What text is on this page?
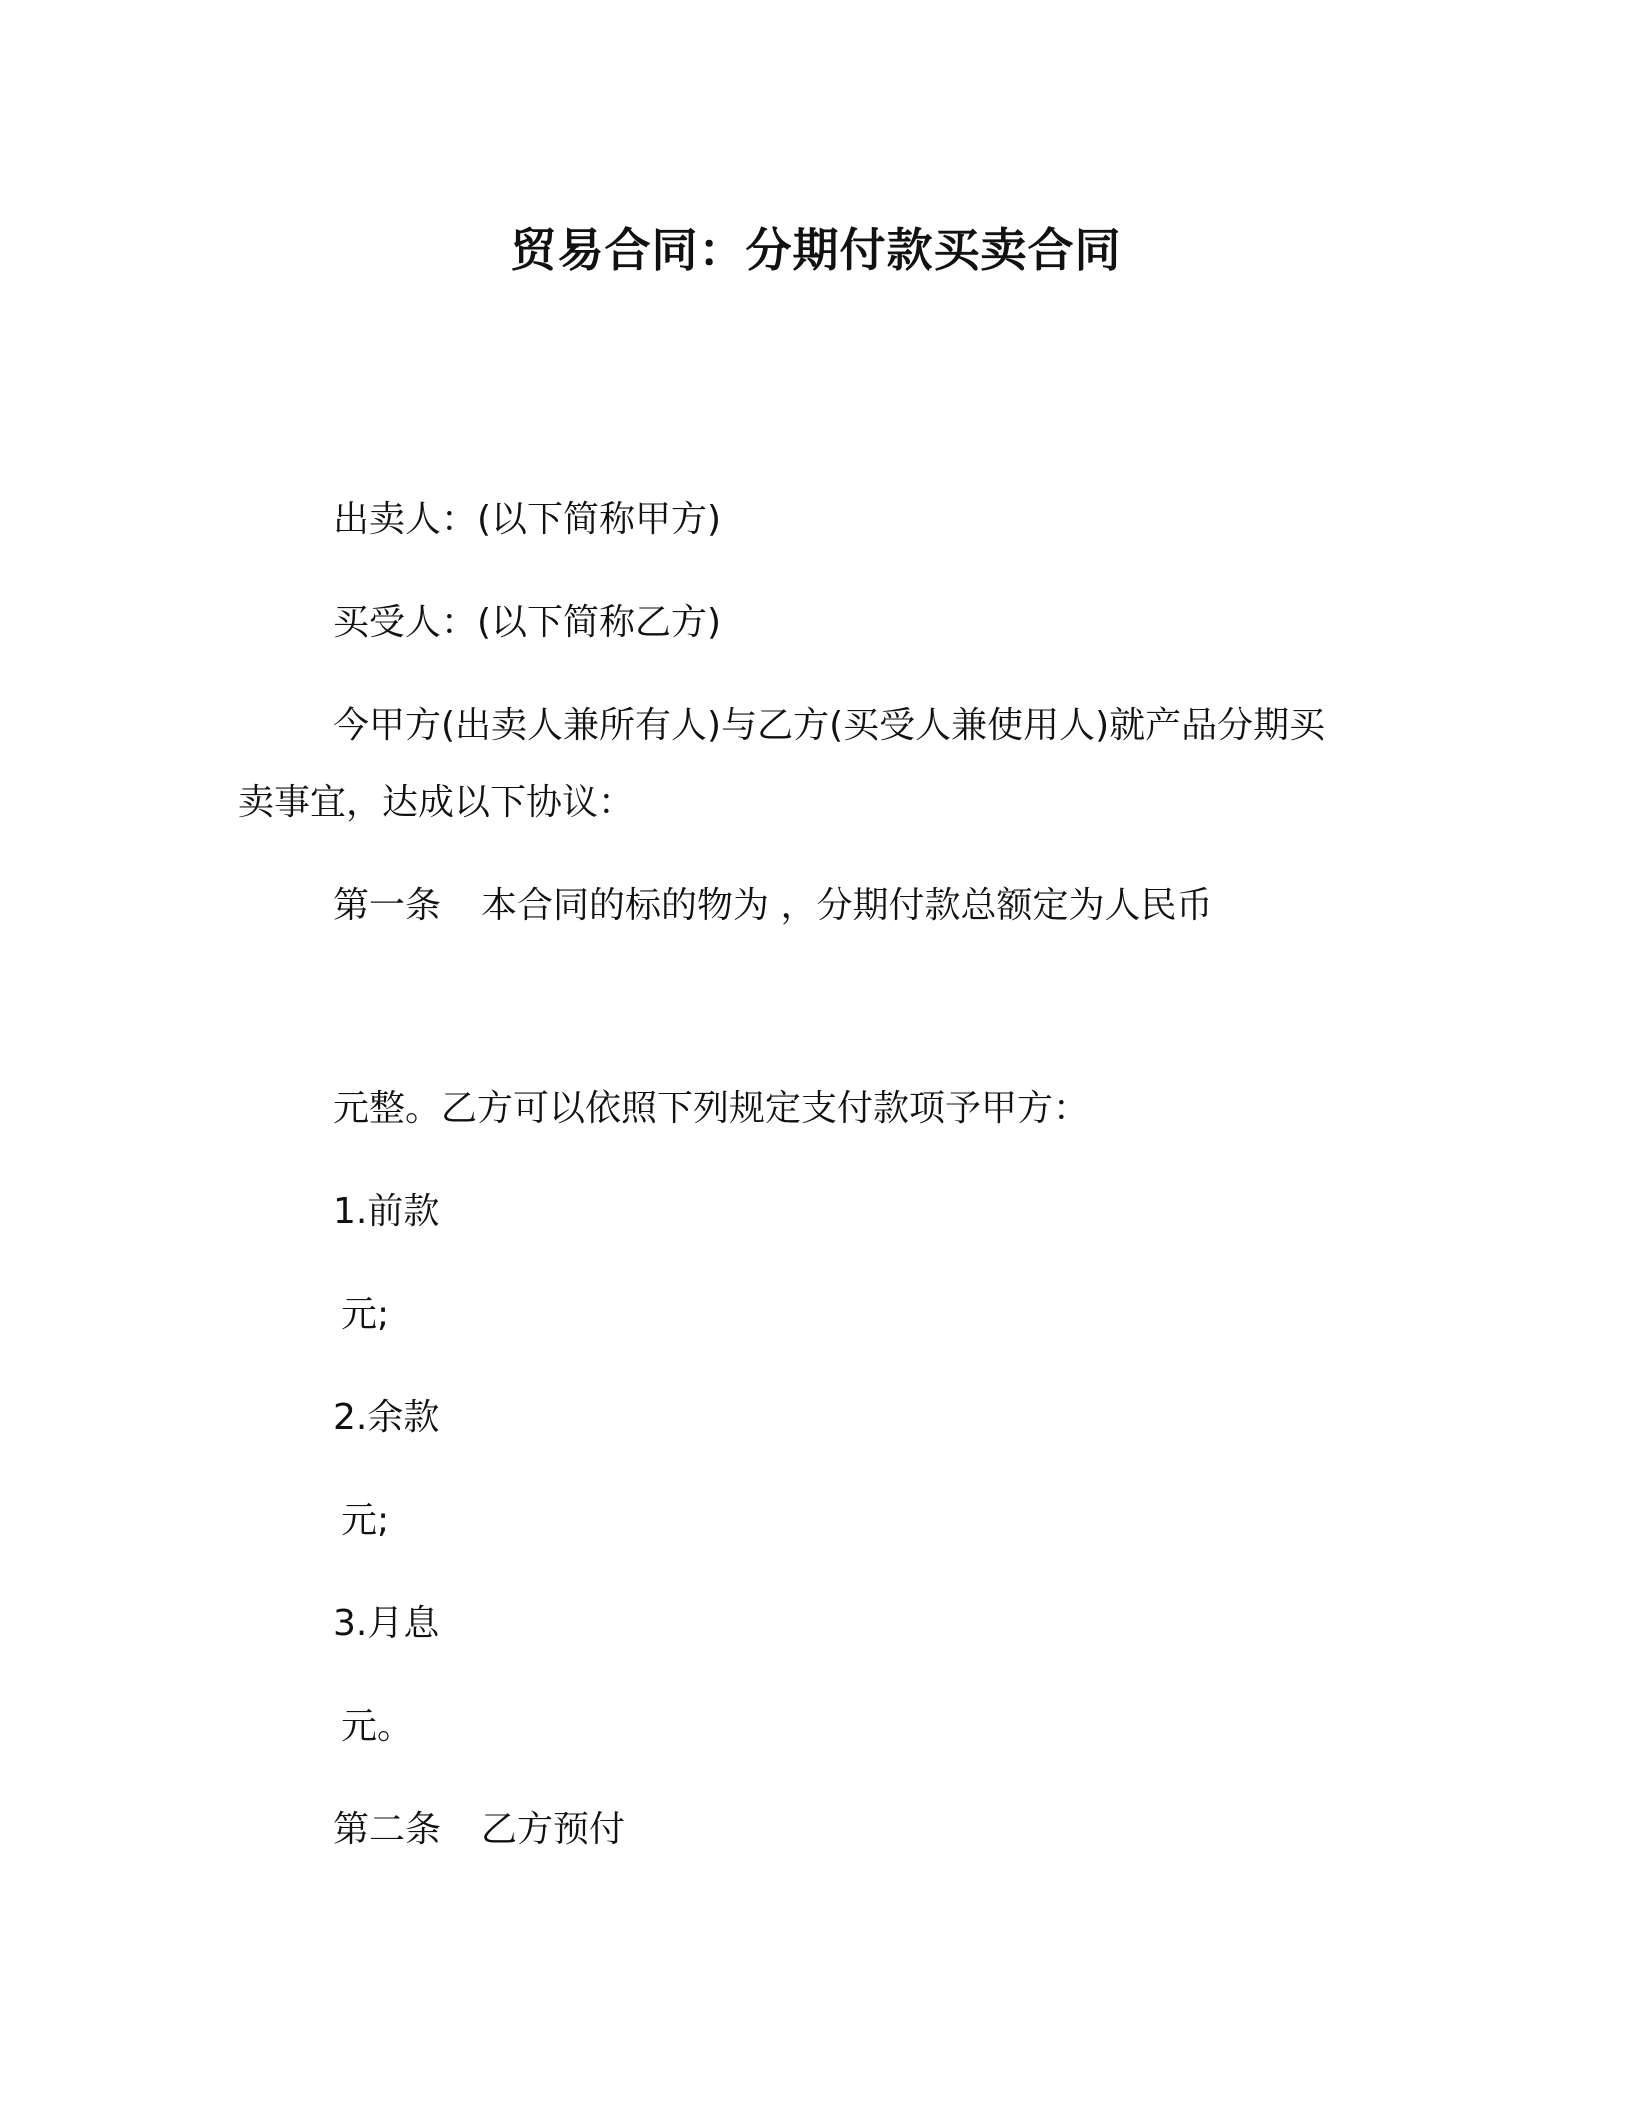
贸易合同：分期付款买卖合同

出卖人：(以下简称甲方)

买受人：(以下简称乙方)

今甲方(出卖人兼所有人)与乙方(买受人兼使用人)就产品分期买

卖事宜，达成以下协议：

第一条 本合同的标的物为 ，分期付款总额定为人民币

元整。乙方可以依照下列规定支付款项予甲方：

1.前款

元;

2.余款

元;

3.月息

元。

第二条 乙方预付
